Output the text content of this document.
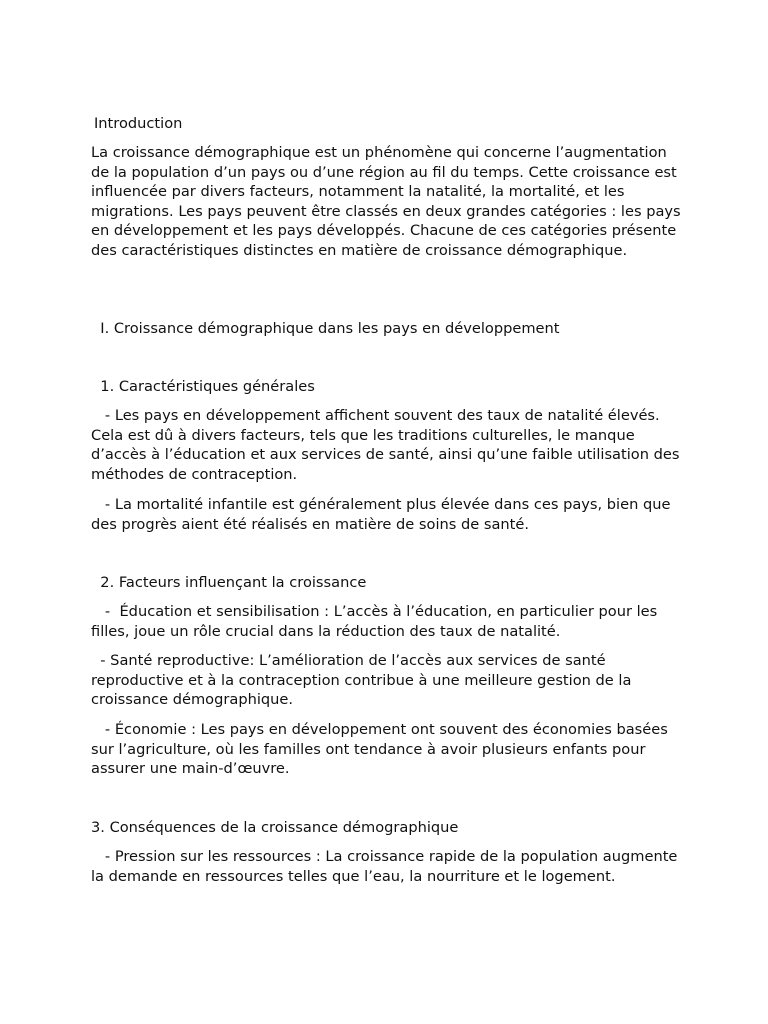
Introduction

La croissance démographique est un phénomène qui concerne l’augmentation de la population d’un pays ou d’une région au fil du temps. Cette croissance est influencée par divers facteurs, notamment la natalité, la mortalité, et les migrations. Les pays peuvent être classés en deux grandes catégories : les pays en développement et les pays développés. Chacune de ces catégories présente des caractéristiques distinctes en matière de croissance démographique.

I. Croissance démographique dans les pays en développement

1. Caractéristiques générales

- Les pays en développement affichent souvent des taux de natalité élevés. Cela est dû à divers facteurs, tels que les traditions culturelles, le manque d’accès à l’éducation et aux services de santé, ainsi qu’une faible utilisation des méthodes de contraception.

- La mortalité infantile est généralement plus élevée dans ces pays, bien que des progrès aient été réalisés en matière de soins de santé.

2. Facteurs influençant la croissance

-  Éducation et sensibilisation : L’accès à l’éducation, en particulier pour les filles, joue un rôle crucial dans la réduction des taux de natalité.

- Santé reproductive: L’amélioration de l’accès aux services de santé reproductive et à la contraception contribue à une meilleure gestion de la croissance démographique.

- Économie : Les pays en développement ont souvent des économies basées sur l’agriculture, où les familles ont tendance à avoir plusieurs enfants pour assurer une main-d’œuvre.

3. Conséquences de la croissance démographique

- Pression sur les ressources : La croissance rapide de la population augmente la demande en ressources telles que l’eau, la nourriture et le logement.
